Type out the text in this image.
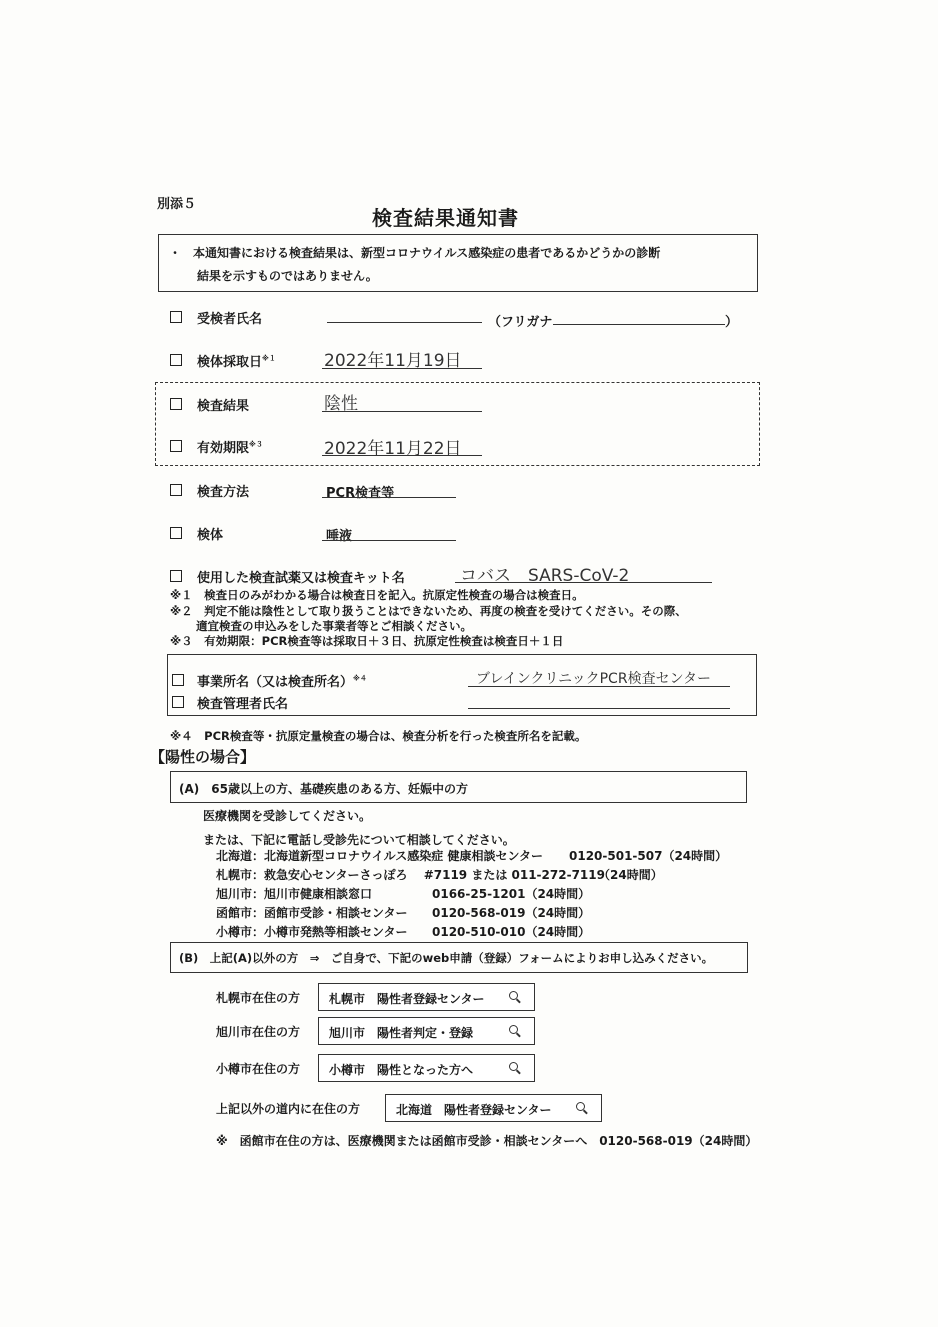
別添５
検査結果通知書
・　本通知書における検査結果は、新型コロナウイルス感染症の患者であるかどうかの診断
結果を示すものではありません。
受検者氏名	（フリガナ	）
検体採取日$^{※1}$	2022年11月19日
検査結果	陰性
有効期限$^{※3}$	2022年11月22日
検査方法	PCR検査等
検体	唾液
使用した検査試薬又は検査キット名	コバス　SARS-CoV-2
※１　検査日のみがわかる場合は検査日を記入。抗原定性検査の場合は検査日。
※２　判定不能は陰性として取り扱うことはできないため、再度の検査を受けてください。その際、
適宜検査の申込みをした事業者等とご相談ください。
※３　有効期限：PCR検査等は採取日＋３日、抗原定性検査は検査日＋１日
事業所名（又は検査所名）$^{※4}$	ブレインクリニックPCR検査センター
検査管理者氏名
※４　PCR検査等・抗原定量検査の場合は、検査分析を行った検査所名を記載。
【陽性の場合】
(A)　65歳以上の方、基礎疾患のある方、妊娠中の方
医療機関を受診してください。
または、下記に電話し受診先について相談してください。
北海道： 北海道新型コロナウイルス感染症 健康相談センター 0120-501-507（24時間）
札幌市： 救急安心センターさっぽろ　 #7119 または 011-272-7119
（24時間）
旭川市： 旭川市健康相談窓口	0166-25-1201（24時間）
函館市： 函館市受診・相談センター 0120-568-019（24時間）
小樽市： 小樽市発熱等相談センター 0120-510-010（24時間）
(B)　上記(A)以外の方　⇒　ご自身で、下記のweb申請（登録）フォームによりお申し込みください。
札幌市在住の方 札幌市　陽性者登録センター
旭川市在住の方 旭川市　陽性者判定・登録
小樽市在住の方 小樽市　陽性となった方へ
上記以外の道内に在住の方	北海道　陽性者登録センター
※　函館市在住の方は、医療機関または函館市受診・相談センターへ　0120-568-019（24時間）
